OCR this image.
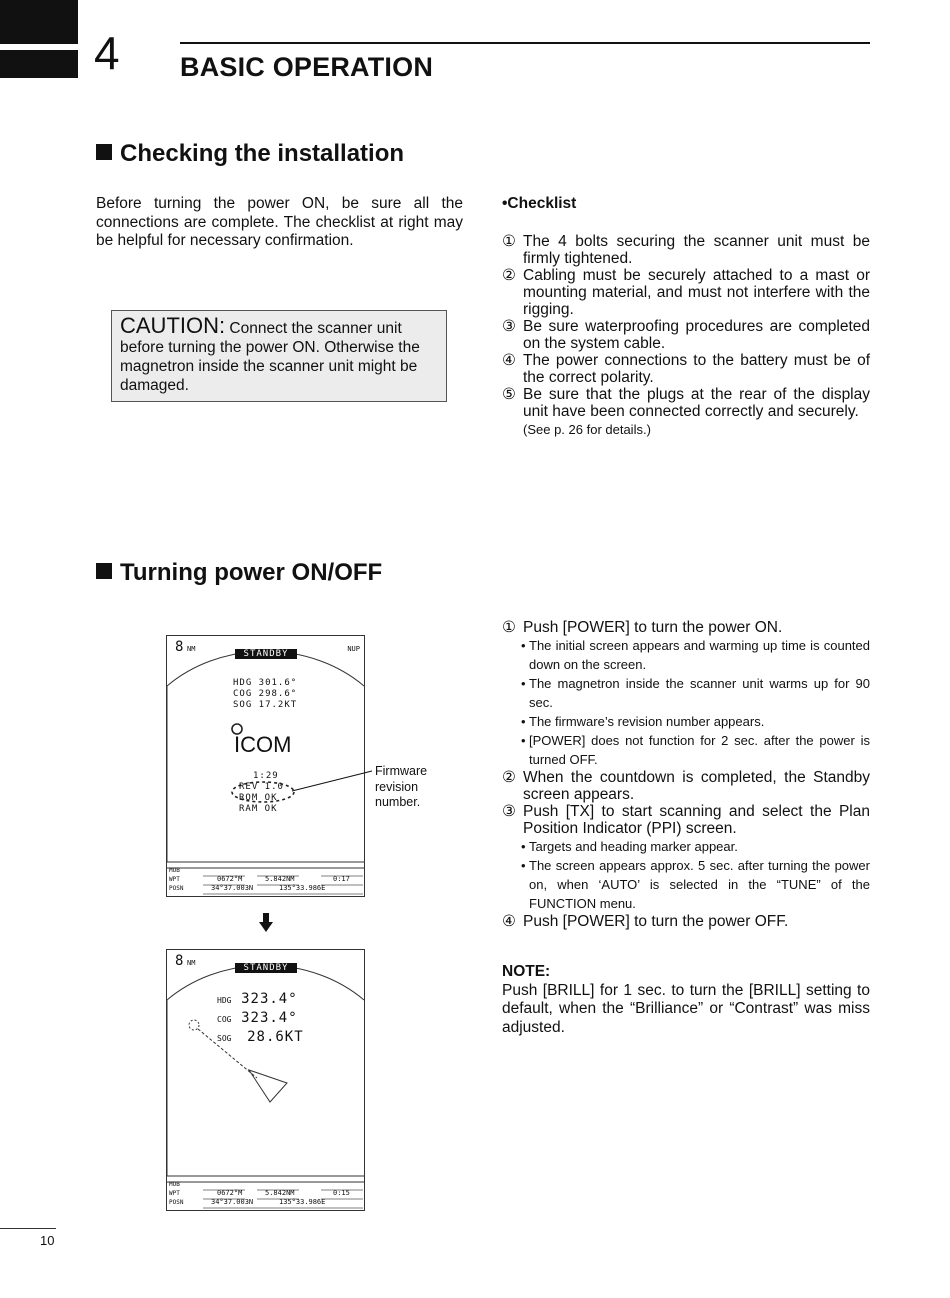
4 BASIC OPERATION
Checking the installation

Before turning the power ON, be sure all the connections are complete. The checklist at right may be helpful for necessary confirmation.

CAUTION: Connect the scanner unit before turning the power ON. Otherwise the magnetron inside the scanner unit might be damaged.

•Checklist

① The 4 bolts securing the scanner unit must be firmly tightened.
② Cabling must be securely attached to a mast or mounting material, and must not interfere with the rigging.
③ Be sure waterproofing procedures are completed on the system cable.
④ The power connections to the battery must be of the correct polarity.
⑤ Be sure that the plugs at the rear of the display unit have been connected correctly and securely.

(See p. 26 for details.)

Turning power ON/OFF
① Push [POWER] to turn the power ON.
• The initial screen appears and warming up time is counted down on the screen.
• The magnetron inside the scanner unit warms up for 90 sec.
• The firmware’s revision number appears.
• [POWER] does not function for 2 sec. after the power is turned OFF.
② When the countdown is completed, the Standby screen appears.
③ Push [TX] to start scanning and select the Plan Position Indicator (PPI) screen.
• Targets and heading marker appear.
• The screen appears approx. 5 sec. after turning the power on, when ‘AUTO’ is selected in the “TUNE” of the FUNCTION menu.
④ Push [POWER] to turn the power OFF.

NOTE:

Push [BRILL] for 1 sec. to turn the [BRILL] setting to default, when the “Brilliance” or “Contrast” was miss adjusted.

8 NM	NUP
STANDBY
HDG 301.6°
COG 298.6°
SOG 17.2KT
ICOM
1:29
REV 1.0
ROM OK
RAM OK
MOB
WPT
POSN
0672°M	5.842NM	0:17
34°37.003N	135°33.986E
Firmware revision number.
8 NM	STANDBY
HDG 323.4°
COG 323.4°
SOG 28.6KT
MOB
WPT
POSN
0672°M	5.842NM	0:15
34°37.003N	135°33.986E
10
